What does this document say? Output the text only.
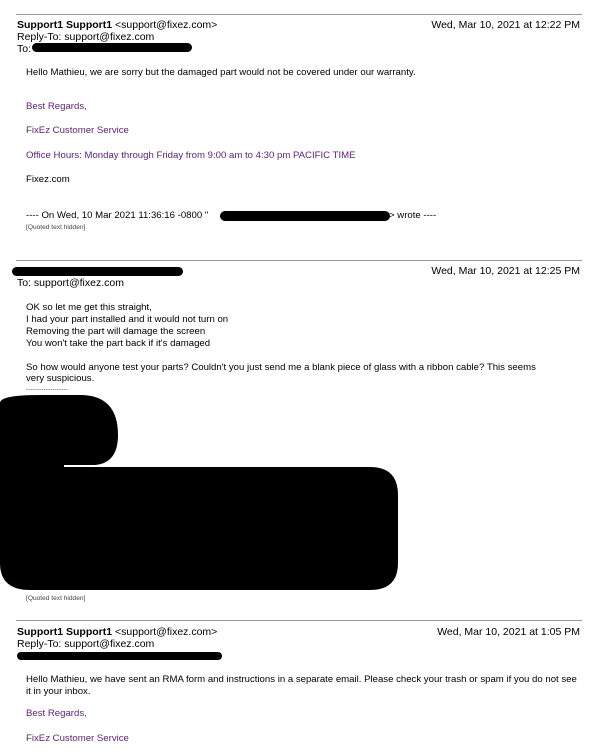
Support1 Support1 <support@fixez.com>	Wed, Mar 10, 2021 at 12:22 PM
Reply-To: support@fixez.com
To:
Hello Mathieu, we are sorry but the damaged part would not be covered under our warranty.
Best Regards,
FixEz Customer Service
Office Hours: Monday through Friday from 9:00 am to 4:30 pm PACIFIC TIME
Fixez.com
---- On Wed, 10 Mar 2021 11:36:16 -0800 "	> wrote ----
[Quoted text hidden]
Wed, Mar 10, 2021 at 12:25 PM
To: support@fixez.com
OK so let me get this straight,
I had your part installed and it would not turn on
Removing the part will damage the screen
You won't take the part back if it's damaged
So how would anyone test your parts? Couldn't you just send me a blank piece of glass with a ribbon cable? This seems
very suspicious.
-------------------
[Quoted text hidden]
Support1 Support1 <support@fixez.com>	Wed, Mar 10, 2021 at 1:05 PM
Reply-To: support@fixez.com
Hello Mathieu, we have sent an RMA form and instructions in a separate email. Please check your trash or spam if you do not see
it in your inbox.
Best Regards,
FixEz Customer Service
